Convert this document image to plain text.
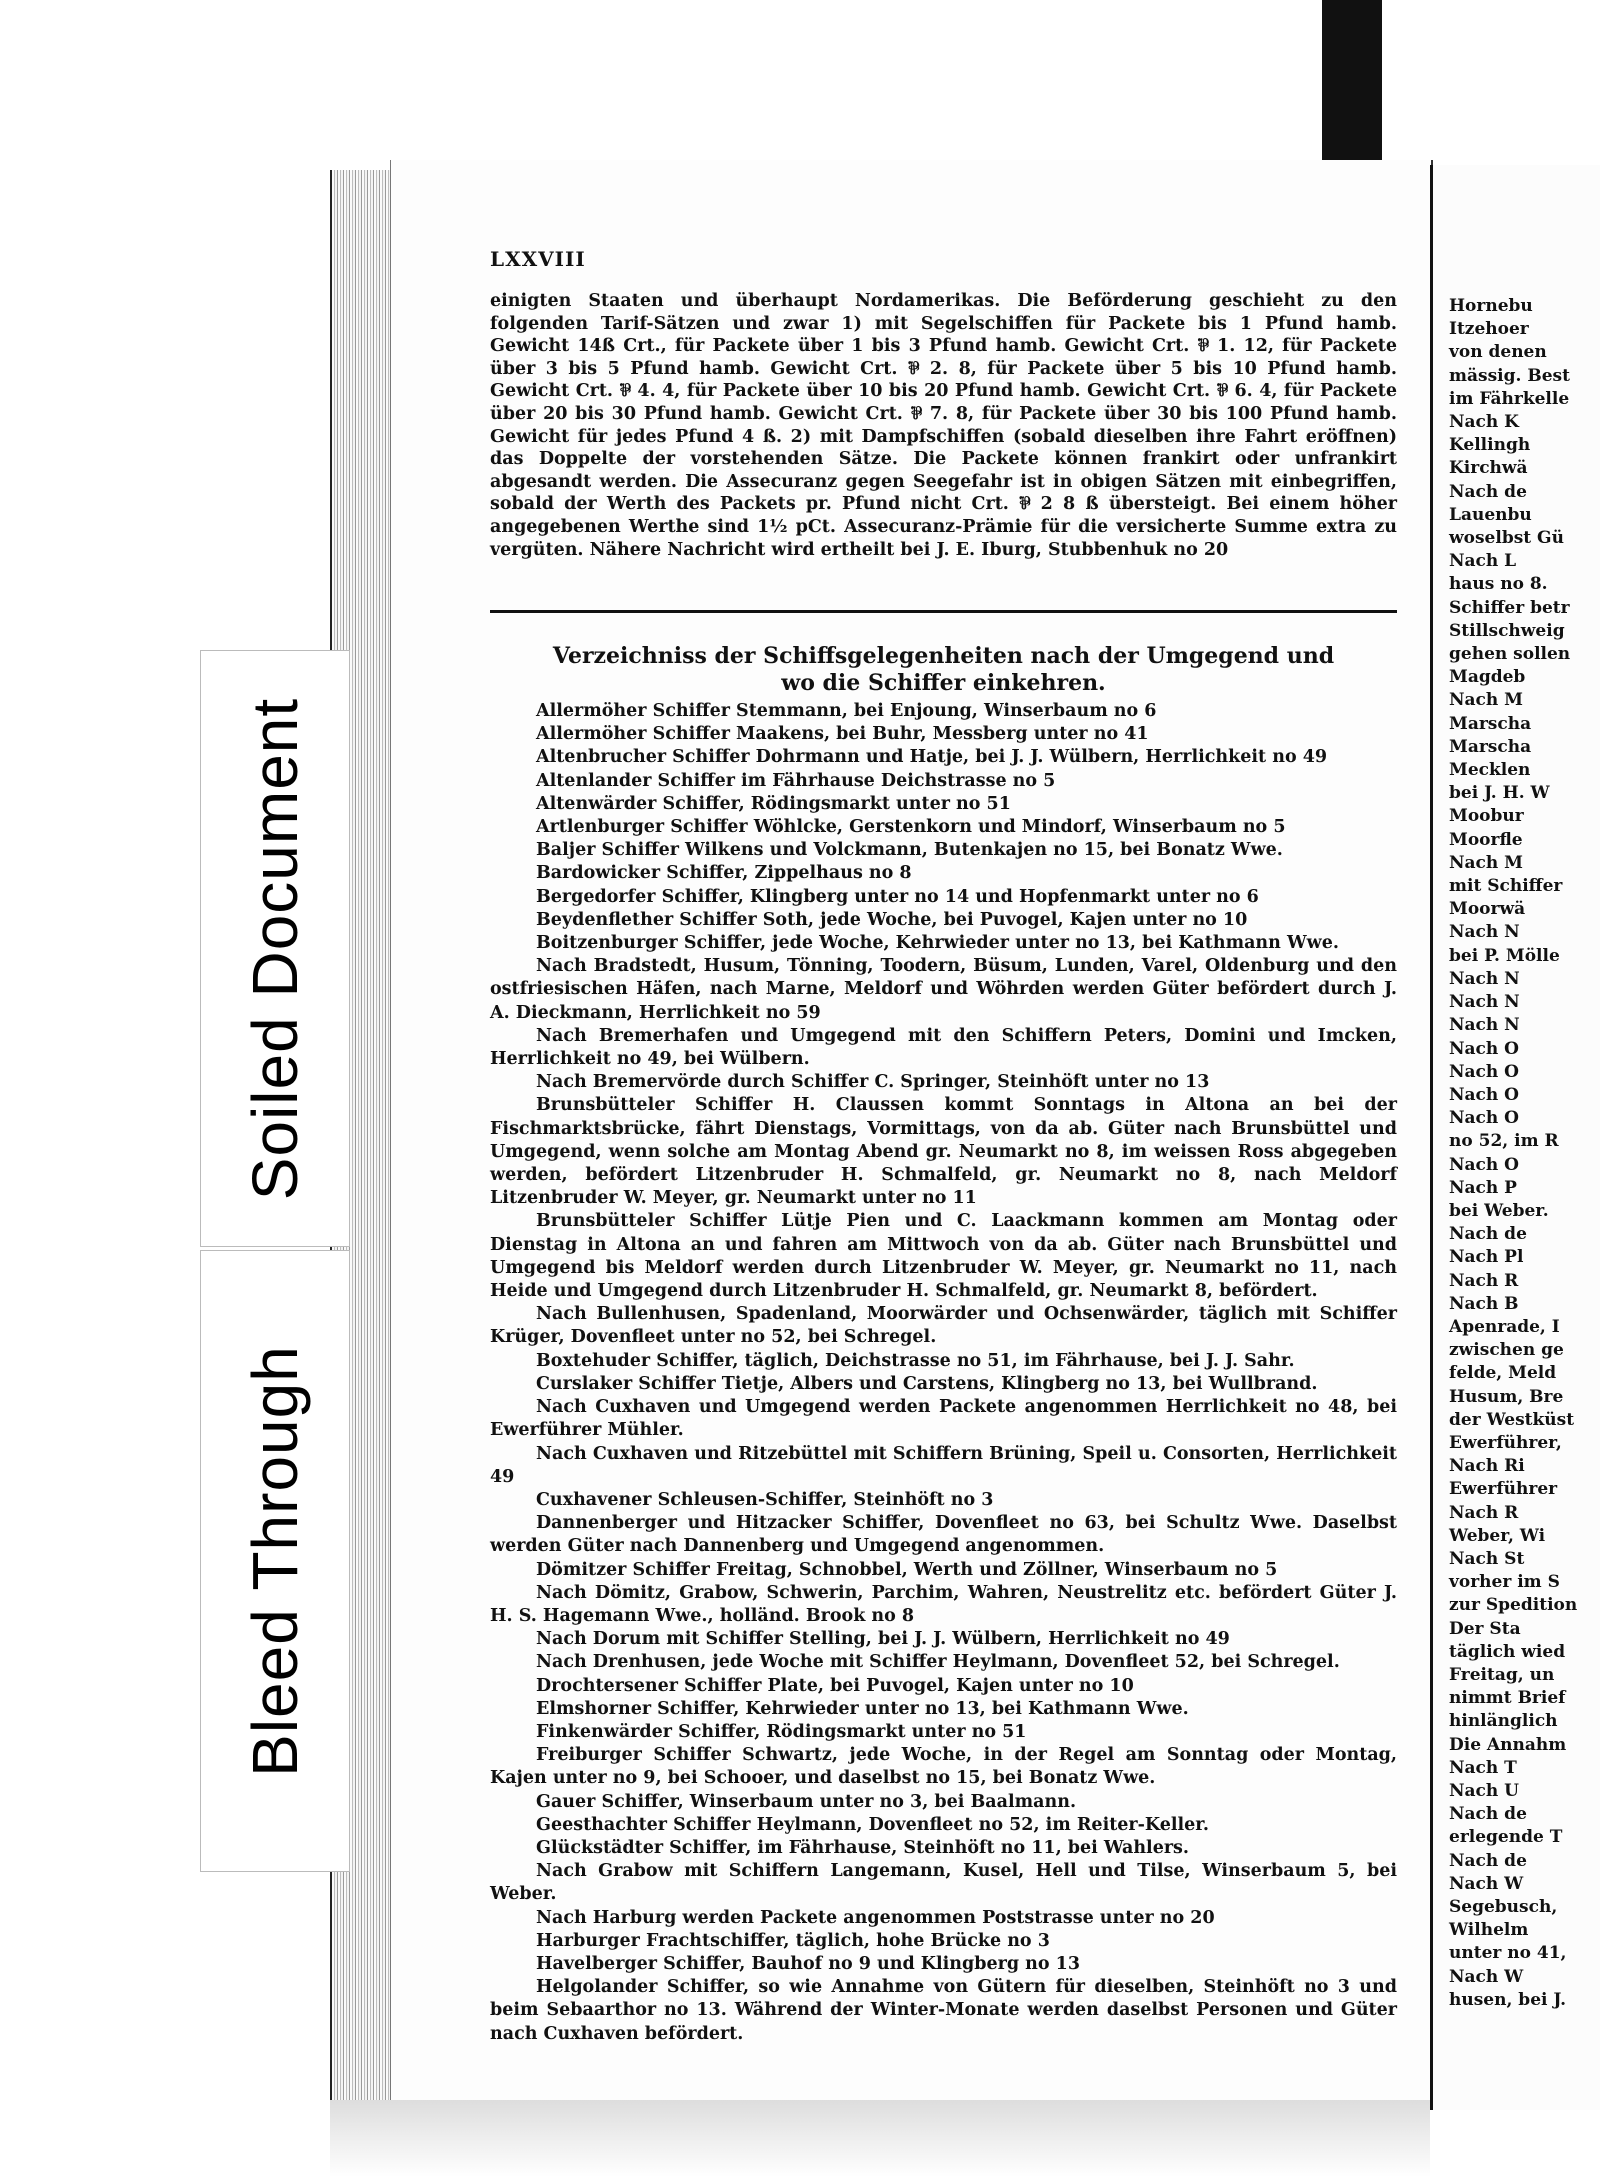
Hornebu
Itzehoer
von denen
mässig. Best
im Fährkelle
Nach K
Kellingh
Kirchwä
Nach de
Lauenbu
woselbst Gü
Nach L
haus no 8.
Schiffer betr
Stillschweig
gehen sollen
Magdeb
Nach M
Marscha
Marscha
Mecklen
bei J. H. W
Moobur
Moorfle
Nach M
mit Schiffer
Moorwä
Nach N
bei P. Mölle
Nach N
Nach N
Nach N
Nach O
Nach O
Nach O
Nach O
no 52, im R
Nach O
Nach P
bei Weber.
Nach de
Nach Pl
Nach R
Nach B
Apenrade, I
zwischen ge
felde, Meld
Husum, Bre
der Westküst
Ewerführer,
Nach Ri
Ewerführer
Nach R
Weber, Wi
Nach St
vorher im S
zur Spedition
Der Sta
täglich wied
Freitag, un
nimmt Brief
hinlänglich
Die Annahm
Nach T
Nach U
Nach de
erlegende T
Nach de
Nach W
Segebusch,
Wilhelm
unter no 41,
Nach W
husen, bei J.
LXXVIII
einigten Staaten und überhaupt Nordamerikas. Die Beförderung geschieht zu den folgenden Tarif-Sätzen und zwar 1) mit Segelschiffen für Packete bis 1 Pfund hamb. Gewicht 14ß Crt., für Packete über 1 bis 3 Pfund hamb. Gewicht Crt. ⅌ 1. 12, für Packete über 3 bis 5 Pfund hamb. Gewicht Crt. ⅌ 2. 8, für Packete über 5 bis 10 Pfund hamb. Gewicht Crt. ⅌ 4. 4, für Packete über 10 bis 20 Pfund hamb. Gewicht Crt. ⅌ 6. 4, für Packete über 20 bis 30 Pfund hamb. Gewicht Crt. ⅌ 7. 8, für Packete über 30 bis 100 Pfund hamb. Gewicht für jedes Pfund 4 ß. 2) mit Dampfschiffen (sobald dieselben ihre Fahrt eröffnen) das Doppelte der vorstehenden Sätze. Die Packete können frankirt oder unfrankirt abgesandt werden. Die Assecuranz gegen Seegefahr ist in obigen Sätzen mit einbegriffen, sobald der Werth des Packets pr. Pfund nicht Crt. ⅌ 2 8 ß übersteigt. Bei einem höher angegebenen Werthe sind 1½ pCt. Assecuranz-Prämie für die versicherte Summe extra zu vergüten. Nähere Nachricht wird ertheilt bei J. E. Iburg, Stubbenhuk no 20
Verzeichniss der Schiffsgelegenheiten nach der Umgegend und
wo die Schiffer einkehren.
Allermöher Schiffer Stemmann, bei Enjoung, Winserbaum no 6
Allermöher Schiffer Maakens, bei Buhr, Messberg unter no 41
Altenbrucher Schiffer Dohrmann und Hatje, bei J. J. Wülbern, Herrlichkeit no 49
Altenlander Schiffer im Fährhause Deichstrasse no 5
Altenwärder Schiffer, Rödingsmarkt unter no 51
Artlenburger Schiffer Wöhlcke, Gerstenkorn und Mindorf, Winserbaum no 5
Baljer Schiffer Wilkens und Volckmann, Butenkajen no 15, bei Bonatz Wwe.
Bardowicker Schiffer, Zippelhaus no 8
Bergedorfer Schiffer, Klingberg unter no 14 und Hopfenmarkt unter no 6
Beydenflether Schiffer Soth, jede Woche, bei Puvogel, Kajen unter no 10
Boitzenburger Schiffer, jede Woche, Kehrwieder unter no 13, bei Kathmann Wwe.
Nach Bradstedt, Husum, Tönning, Toodern, Büsum, Lunden, Varel, Oldenburg und den ostfriesischen Häfen, nach Marne, Meldorf und Wöhrden werden Güter befördert durch J. A. Dieckmann, Herrlichkeit no 59
Nach Bremerhafen und Umgegend mit den Schiffern Peters, Domini und Imcken, Herrlichkeit no 49, bei Wülbern.
Nach Bremervörde durch Schiffer C. Springer, Steinhöft unter no 13
Brunsbütteler Schiffer H. Claussen kommt Sonntags in Altona an bei der Fischmarktsbrücke, fährt Dienstags, Vormittags, von da ab. Güter nach Brunsbüttel und Umgegend, wenn solche am Montag Abend gr. Neumarkt no 8, im weissen Ross abgegeben werden, befördert Litzenbruder H. Schmalfeld, gr. Neumarkt no 8, nach Meldorf Litzenbruder W. Meyer, gr. Neumarkt unter no 11
Brunsbütteler Schiffer Lütje Pien und C. Laackmann kommen am Montag oder Dienstag in Altona an und fahren am Mittwoch von da ab. Güter nach Brunsbüttel und Umgegend bis Meldorf werden durch Litzenbruder W. Meyer, gr. Neumarkt no 11, nach Heide und Umgegend durch Litzenbruder H. Schmalfeld, gr. Neumarkt 8, befördert.
Nach Bullenhusen, Spadenland, Moorwärder und Ochsenwärder, täglich mit Schiffer Krüger, Dovenfleet unter no 52, bei Schregel.
Boxtehuder Schiffer, täglich, Deichstrasse no 51, im Fährhause, bei J. J. Sahr.
Curslaker Schiffer Tietje, Albers und Carstens, Klingberg no 13, bei Wullbrand.
Nach Cuxhaven und Umgegend werden Packete angenommen Herrlichkeit no 48, bei Ewerführer Mühler.
Nach Cuxhaven und Ritzebüttel mit Schiffern Brüning, Speil u. Consorten, Herrlichkeit 49
Cuxhavener Schleusen-Schiffer, Steinhöft no 3
Dannenberger und Hitzacker Schiffer, Dovenfleet no 63, bei Schultz Wwe. Daselbst werden Güter nach Dannenberg und Umgegend angenommen.
Dömitzer Schiffer Freitag, Schnobbel, Werth und Zöllner, Winserbaum no 5
Nach Dömitz, Grabow, Schwerin, Parchim, Wahren, Neustrelitz etc. befördert Güter J. H. S. Hagemann Wwe., holländ. Brook no 8
Nach Dorum mit Schiffer Stelling, bei J. J. Wülbern, Herrlichkeit no 49
Nach Drenhusen, jede Woche mit Schiffer Heylmann, Dovenfleet 52, bei Schregel.
Drochtersener Schiffer Plate, bei Puvogel, Kajen unter no 10
Elmshorner Schiffer, Kehrwieder unter no 13, bei Kathmann Wwe.
Finkenwärder Schiffer, Rödingsmarkt unter no 51
Freiburger Schiffer Schwartz, jede Woche, in der Regel am Sonntag oder Montag, Kajen unter no 9, bei Schooer, und daselbst no 15, bei Bonatz Wwe.
Gauer Schiffer, Winserbaum unter no 3, bei Baalmann.
Geesthachter Schiffer Heylmann, Dovenfleet no 52, im Reiter-Keller.
Glückstädter Schiffer, im Fährhause, Steinhöft no 11, bei Wahlers.
Nach Grabow mit Schiffern Langemann, Kusel, Hell und Tilse, Winserbaum 5, bei Weber.
Nach Harburg werden Packete angenommen Poststrasse unter no 20
Harburger Frachtschiffer, täglich, hohe Brücke no 3
Havelberger Schiffer, Bauhof no 9 und Klingberg no 13
Helgolander Schiffer, so wie Annahme von Gütern für dieselben, Steinhöft no 3 und beim Sebaarthor no 13. Während der Winter-Monate werden daselbst Personen und Güter nach Cuxhaven befördert.
Soiled Document
Bleed Through
